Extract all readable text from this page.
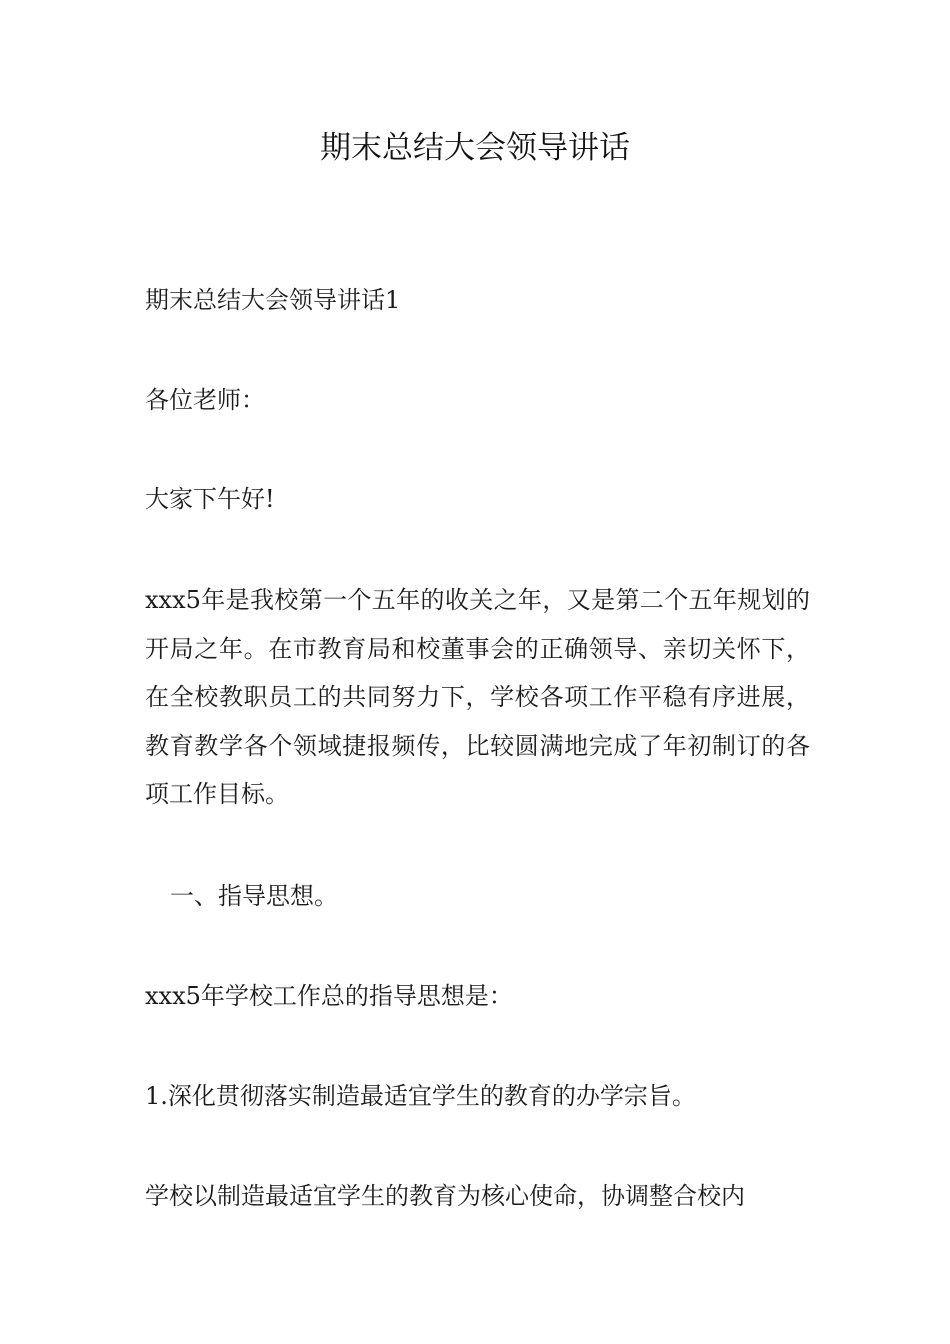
期末总结大会领导讲话

期末总结大会领导讲话1

各位老师：

大家下午好!

xxx5年是我校第一个五年的收关之年，又是第二个五年规划的开局之年。在市教育局和校董事会的正确领导、亲切关怀下，在全校教职员工的共同努力下，学校各项工作平稳有序进展，教育教学各个领域捷报频传，比较圆满地完成了年初制订的各项工作目标。

一、指导思想。

xxx5年学校工作总的指导思想是：

1.深化贯彻落实制造最适宜学生的教育的办学宗旨。

学校以制造最适宜学生的教育为核心使命，协调整合校内
